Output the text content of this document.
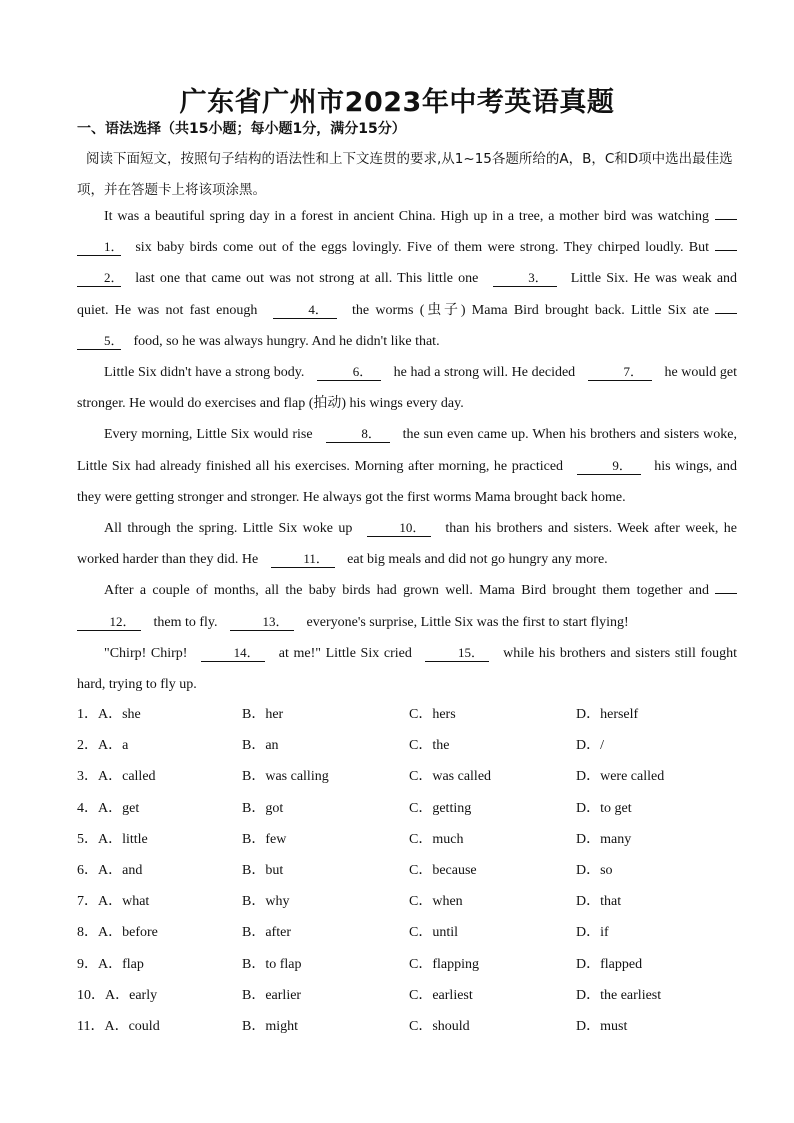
广东省广州市2023年中考英语真题
一、语法选择（共15小题；每小题1分，满分15分）
阅读下面短文，按照句子结构的语法性和上下文连贯的要求,从1~15各题所给的A，B，C和D项中选出最佳选项，并在答题卡上将该项涂黑。

It was a beautiful spring day in a forest in ancient China. High up in a tree, a mother bird was watching 1． six baby birds come out of the eggs lovingly. Five of them were strong. They chirped loudly. But 2． last one that came out was not strong at all. This little one	3． Little Six. He was weak and quiet. He was not fast enough	4． the worms (虫子) Mama Bird brought back. Little Six ate 5． food, so he was always hungry. And he didn't like that.

Little Six didn't have a strong body.	6． he had a strong will. He decided	7． he would get stronger. He would do exercises and flap (拍动) his wings every day.

Every morning, Little Six would rise	8． the sun even came up. When his brothers and sisters woke, Little Six had already finished all his exercises. Morning after morning, he practiced	9． his wings, and they were getting stronger and stronger. He always got the first worms Mama brought back home.

All through the spring. Little Six woke up	10． than his brothers and sisters. Week after week, he worked harder than they did. He	11． eat big meals and did not go hungry any more.

After a couple of months, all the baby birds had grown well. Mama Bird brought them together and 12． them to fly.	13． everyone's surprise, Little Six was the first to start flying!

"Chirp! Chirp!	14． at me!" Little Six cried	15． while his brothers and sisters still fought hard, trying to fly up.

1．A．she	B．her	C．hers	D．herself
2．A．a	B．an	C．the	D．/
3．A．called	B．was calling	C．was called	D．were called
4．A．get	B．got	C．getting	D．to get
5．A．little	B．few	C．much	D．many
6．A．and	B．but	C．because	D．so
7．A．what	B．why	C．when	D．that
8．A．before	B．after	C．until	D．if
9．A．flap	B．to flap	C．flapping	D．flapped
10．A．early	B．earlier	C．earliest	D．the earliest
11．A．could	B．might	C．should	D．must
